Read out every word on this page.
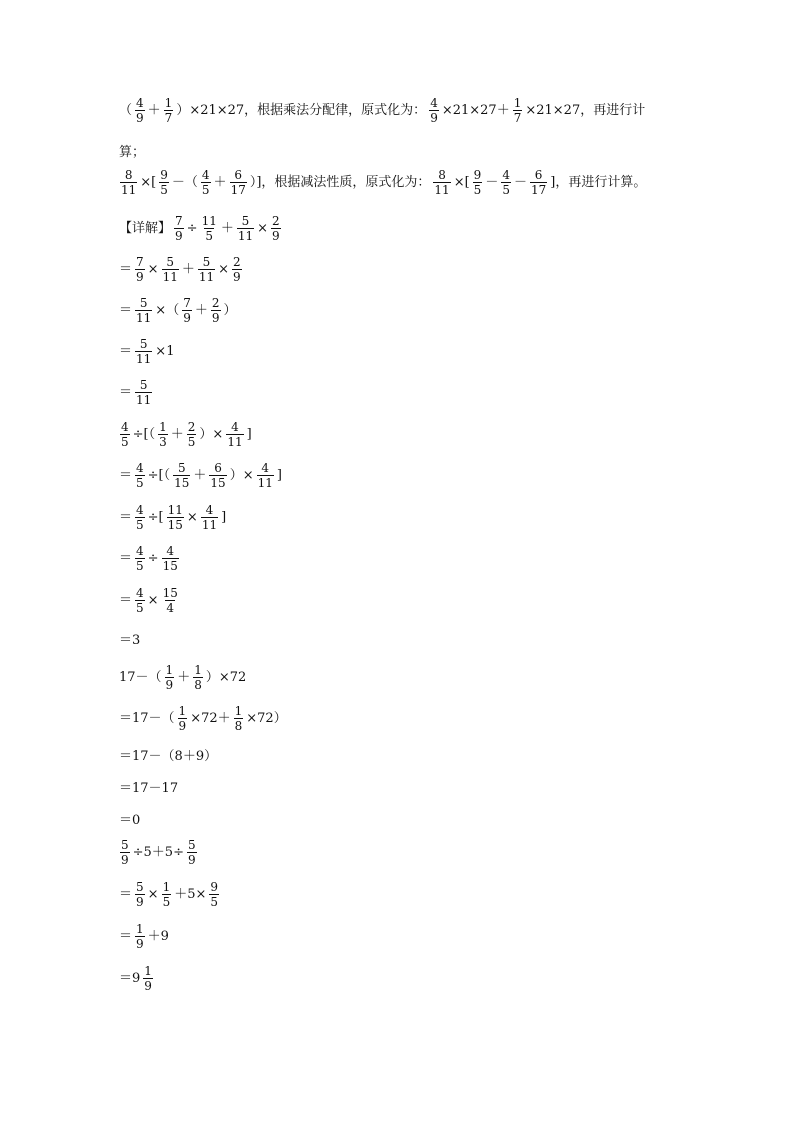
（ $\frac{4}{9} + \frac{1}{7} )\times 21\times 27$，根据乘法分配律，原式化为： $\frac{4}{9} \times 21\times 27+ \frac{1}{7} \times 21\times 27$，再进行计
算；
$\frac{8}{11}$ ×[ $\frac{9}{5}$ －（ $\frac{4}{5} + \frac{6}{17}$ ）]，根据减法性质，原式化为： $\frac{8}{11}$ ×[ $\frac{9}{5} - \frac{4}{5} - \frac{6}{17}$ ]，再进行计算。
【详解】 $\frac{7}{9} \div \frac{11}{5} + \frac{5}{11} \times \frac{2}{9}$
＝ $\frac{7}{9} \times \frac{5}{11} + \frac{5}{11} \times \frac{2}{9}$
＝ $\frac{5}{11}$ ×（ $\frac{7}{9} + \frac{2}{9}$ ）
＝ $\frac{5}{11} \times 1$
＝ $\frac{5}{11}$
$\frac{4}{5}$ ÷[（ $\frac{1}{3} + \frac{2}{5}$ ）× $\frac{4}{11}$ ]
＝ $\frac{4}{5}$ ÷[（ $\frac{5}{15} + \frac{6}{15}$ ）× $\frac{4}{11}$ ]
＝ $\frac{4}{5}$ ÷[ $\frac{11}{15} \times \frac{4}{11}$ ]
＝ $\frac{4}{5} \div \frac{4}{15}$
＝ $\frac{4}{5} \times \frac{15}{4}$
＝3
$17-( \frac{1}{9} + \frac{1}{8} )\times 72$
$=17-( \frac{1}{9} \times 72+ \frac{1}{8} \times 72)$
＝17－（8＋9）
＝17－17
＝0
$\frac{5}{9} \div 5+5\div \frac{5}{9}$
＝ $\frac{5}{9} \times \frac{1}{5} +5\times \frac{9}{5}$
＝ $\frac{1}{9} +9$
$=9 \frac{1}{9}$
